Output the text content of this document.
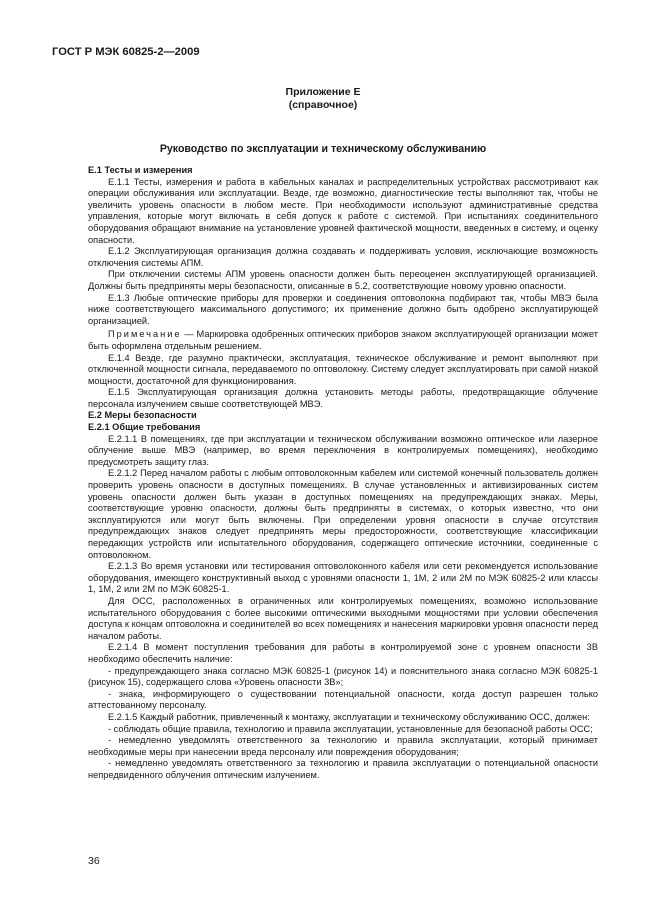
ГОСТ Р МЭК 60825-2—2009
Приложение Е
(справочное)
Руководство по эксплуатации и техническому обслуживанию

Е.1 Тесты и измерения

Е.1.1 Тесты, измерения и работа в кабельных каналах и распределительных устройствах рассмотривают как операции обслуживания или эксплуатации. Везде, где возможно, диагностические тесты выполняют так, чтобы не увеличить уровень опасности в любом месте. При необходимости используют административные средства управления, которые могут включать в себя допуск к работе с системой. При испытаниях соединительного оборудования обращают внимание на установление уровней фактической мощности, введенных в систему, и оценку опасности.

Е.1.2 Эксплуатирующая организация должна создавать и поддерживать условия, исключающие возможность отключения системы АПМ.

При отключении системы АПМ уровень опасности должен быть переоценен эксплуатирующей организацией. Должны быть предприняты меры безопасности, описанные в 5.2, соответствующие новому уровню опасности.

Е.1.3 Любые оптические приборы для проверки и соединения оптоволокна подбирают так, чтобы МВЭ была ниже соответствующего максимального допустимого; их применение должно быть одобрено эксплуатирующей организацией.

Примечание — Маркировка одобренных оптических приборов знаком эксплуатирующей организации может быть оформлена отдельным решением.

Е.1.4 Везде, где разумно практически, эксплуатация, техническое обслуживание и ремонт выполняют при отключенной мощности сигнала, передаваемого по оптоволокну. Систему следует эксплуатировать при самой низкой мощности, достаточной для функционирования.

Е.1.5 Эксплуатирующая организация должна установить методы работы, предотвращающие облучение персонала излучением свыше соответствующей МВЭ.

Е.2 Меры безопасности

Е.2.1 Общие требования

Е.2.1.1 В помещениях, где при эксплуатации и техническом обслуживании возможно оптическое или лазерное облучение выше МВЭ (например, во время переключения в контролируемых помещениях), необходимо предусмотреть защиту глаз.

Е.2.1.2 Перед началом работы с любым оптоволоконным кабелем или системой конечный пользователь должен проверить уровень опасности в доступных помещениях. В случае установленных и активизированных систем уровень опасности должен быть указан в доступных помещениях на предупреждающих знаках. Меры, соответствующие уровню опасности, должны быть предприняты в системах, о которых известно, что они эксплуатируются или могут быть включены. При определении уровня опасности в случае отсутствия предупреждающих знаков следует предпринять меры предосторожности, соответствующие классификации передающих устройств или испытательного оборудования, содержащего оптические источники, соединенные с оптоволокном.

Е.2.1.3 Во время установки или тестирования оптоволоконного кабеля или сети рекомендуется использование оборудования, имеющего конструктивный выход с уровнями опасности 1, 1М, 2 или 2М по МЭК 60825-2 или классы 1, 1М, 2 или 2М по МЭК 60825-1.

Для ОСС, расположенных в ограниченных или контролируемых помещениях, возможно использование испытательного оборудования с более высокими оптическими выходными мощностями при условии обеспечения доступа к концам оптоволокна и соединителей во всех помещениях и нанесения маркировки уровня опасности перед началом работы.

Е.2.1.4 В момент поступления требования для работы в контролируемой зоне с уровнем опасности 3В необходимо обеспечить наличие:

- предупреждающего знака согласно МЭК 60825-1 (рисунок 14) и пояснительного знака согласно МЭК 60825-1 (рисунок 15), содержащего слова «Уровень опасности 3В»;

- знака, информирующего о существовании потенциальной опасности, когда доступ разрешен только аттестованному персоналу.

Е.2.1.5 Каждый работник, привлеченный к монтажу, эксплуатации и техническому обслуживанию ОСС, должен:

- соблюдать общие правила, технологию и правила эксплуатации, установленные для безопасной работы ОСС;

- немедленно уведомлять ответственного за технологию и правила эксплуатации, который принимает необходимые меры при нанесении вреда персоналу или повреждения оборудования;

- немедленно уведомлять ответственного за технологию и правила эксплуатации о потенциальной опасности непредвиденного облучения оптическим излучением.

36
